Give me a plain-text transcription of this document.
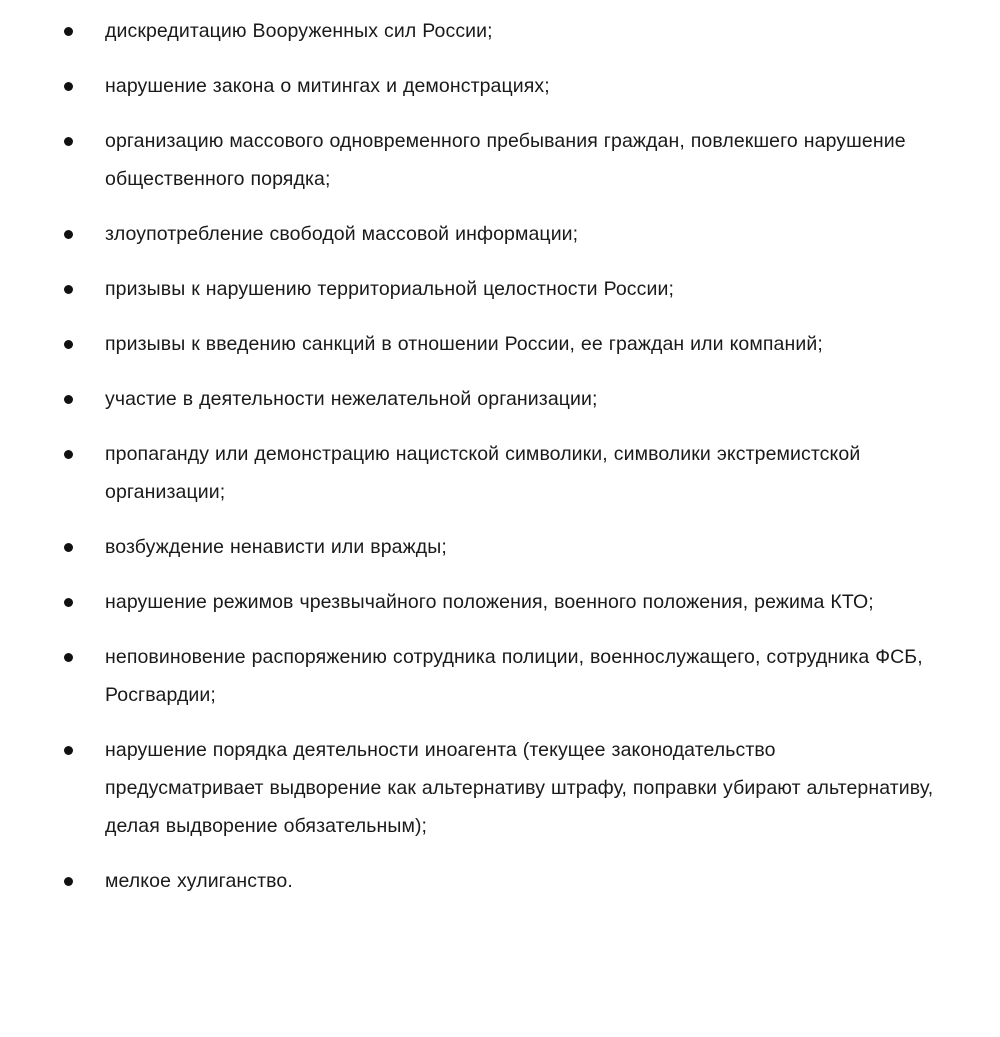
дискредитацию Вооруженных сил России;
нарушение закона о митингах и демонстрациях;
организацию массового одновременного пребывания граждан, повлекшего нарушение общественного порядка;
злоупотребление свободой массовой информации;
призывы к нарушению территориальной целостности России;
призывы к введению санкций в отношении России, ее граждан или компаний;
участие в деятельности нежелательной организации;
пропаганду или демонстрацию нацистской символики, символики экстремистской организации;
возбуждение ненависти или вражды;
нарушение режимов чрезвычайного положения, военного положения, режима КТО;
неповиновение распоряжению сотрудника полиции, военнослужащего, сотрудника ФСБ, Росгвардии;
нарушение порядка деятельности иноагента (текущее законодательство предусматривает выдворение как альтернативу штрафу, поправки убирают альтернативу, делая выдворение обязательным);
мелкое хулиганство.
